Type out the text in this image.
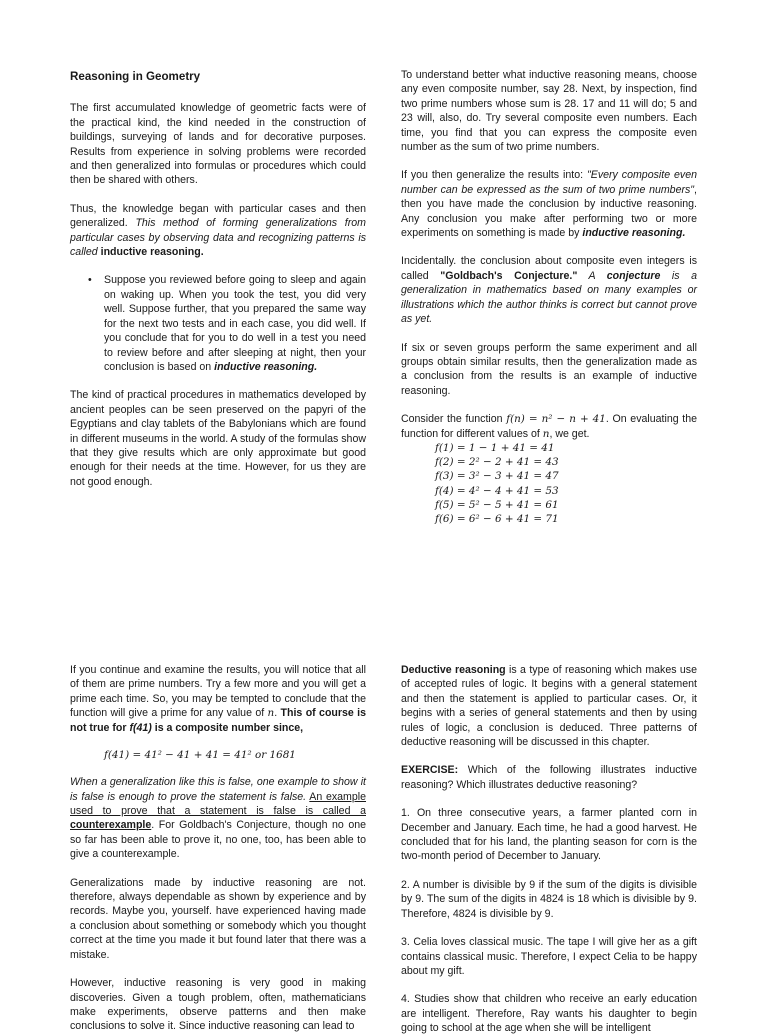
Reasoning in Geometry

The first accumulated knowledge of geometric facts were of the practical kind, the kind needed in the construction of buildings, surveying of lands and for decorative purposes. Results from experience in solving problems were recorded and then generalized into formulas or procedures which could then be shared with others.

Thus, the knowledge began with particular cases and then generalized. This method of forming generalizations from particular cases by observing data and recognizing patterns is called inductive reasoning.

• Suppose you reviewed before going to sleep and again on waking up. When you took the test, you did very well. Suppose further, that you prepared the same way for the next two tests and in each case, you did well. If you conclude that for you to do well in a test you need to review before and after sleeping at night, then your conclusion is based on inductive reasoning.

The kind of practical procedures in mathematics developed by ancient peoples can be seen preserved on the papyri of the Egyptians and clay tablets of the Babylonians which are found in different museums in the world. A study of the formulas show that they give results which are only approximate but good enough for their needs at the time. However, for us they are not good enough.

To understand better what inductive reasoning means, choose any even composite number, say 28. Next, by inspection, find two prime numbers whose sum is 28. 17 and 11 will do; 5 and 23 will, also, do. Try several composite even numbers. Each time, you find that you can express the composite even number as the sum of two prime numbers.

If you then generalize the results into: "Every composite even number can be expressed as the sum of two prime numbers", then you have made the conclusion by inductive reasoning. Any conclusion you make after performing two or more experiments on something is made by inductive reasoning.

Incidentally. the conclusion about composite even integers is called "Goldbach's Conjecture." A conjecture is a generalization in mathematics based on many examples or illustrations which the author thinks is correct but cannot prove as yet.

If six or seven groups perform the same experiment and all groups obtain similar results, then the generalization made as a conclusion from the results is an example of inductive reasoning.

Consider the function f(n) = n² − n + 41. On evaluating the function for different values of n, we get.

f(1) = 1 − 1 + 41 = 41
f(2) = 2² − 2 + 41 = 43
f(3) = 3² − 3 + 41 = 47
f(4) = 4² − 4 + 41 = 53
f(5) = 5² − 5 + 41 = 61
f(6) = 6² − 6 + 41 = 71

If you continue and examine the results, you will notice that all of them are prime numbers. Try a few more and you will get a prime each time. So, you may be tempted to conclude that the function will give a prime for any value of n. This of course is not true for f(41) is a composite number since,

f(41) = 41² − 41 + 41 = 41² or 1681

When a generalization like this is false, one example to show it is false is enough to prove the statement is false. An example used to prove that a statement is false is called a counterexample. For Goldbach's Conjecture, though no one so far has been able to prove it, no one, too, has been able to give a counterexample.

Generalizations made by inductive reasoning are not. therefore, always dependable as shown by experience and by records. Maybe you, yourself. have experienced having made a conclusion about something or somebody which you thought correct at the time you made it but found later that there was a mistake.

However, inductive reasoning is very good in making discoveries. Given a tough problem, often, mathematicians make experiments, observe patterns and then make conclusions to solve it. Since inductive reasoning can lead to

Deductive reasoning is a type of reasoning which makes use of accepted rules of logic. It begins with a general statement and then the statement is applied to particular cases. Or, it begins with a series of general statements and then by using rules of logic, a conclusion is deduced. Three patterns of deductive reasoning will be discussed in this chapter.

EXERCISE: Which of the following illustrates inductive reasoning? Which illustrates deductive reasoning?

1. On three consecutive years, a farmer planted corn in December and January. Each time, he had a good harvest. He concluded that for his land, the planting season for corn is the two-month period of December to January.

2. A number is divisible by 9 if the sum of the digits is divisible by 9. The sum of the digits in 4824 is 18 which is divisible by 9. Therefore, 4824 is divisible by 9.

3. Celia loves classical music. The tape I will give her as a gift contains classical music. Therefore, I expect Celia to be happy about my gift.

4. Studies show that children who receive an early education are intelligent. Therefore, Ray wants his daughter to begin going to school at the age when she will be intelligent
